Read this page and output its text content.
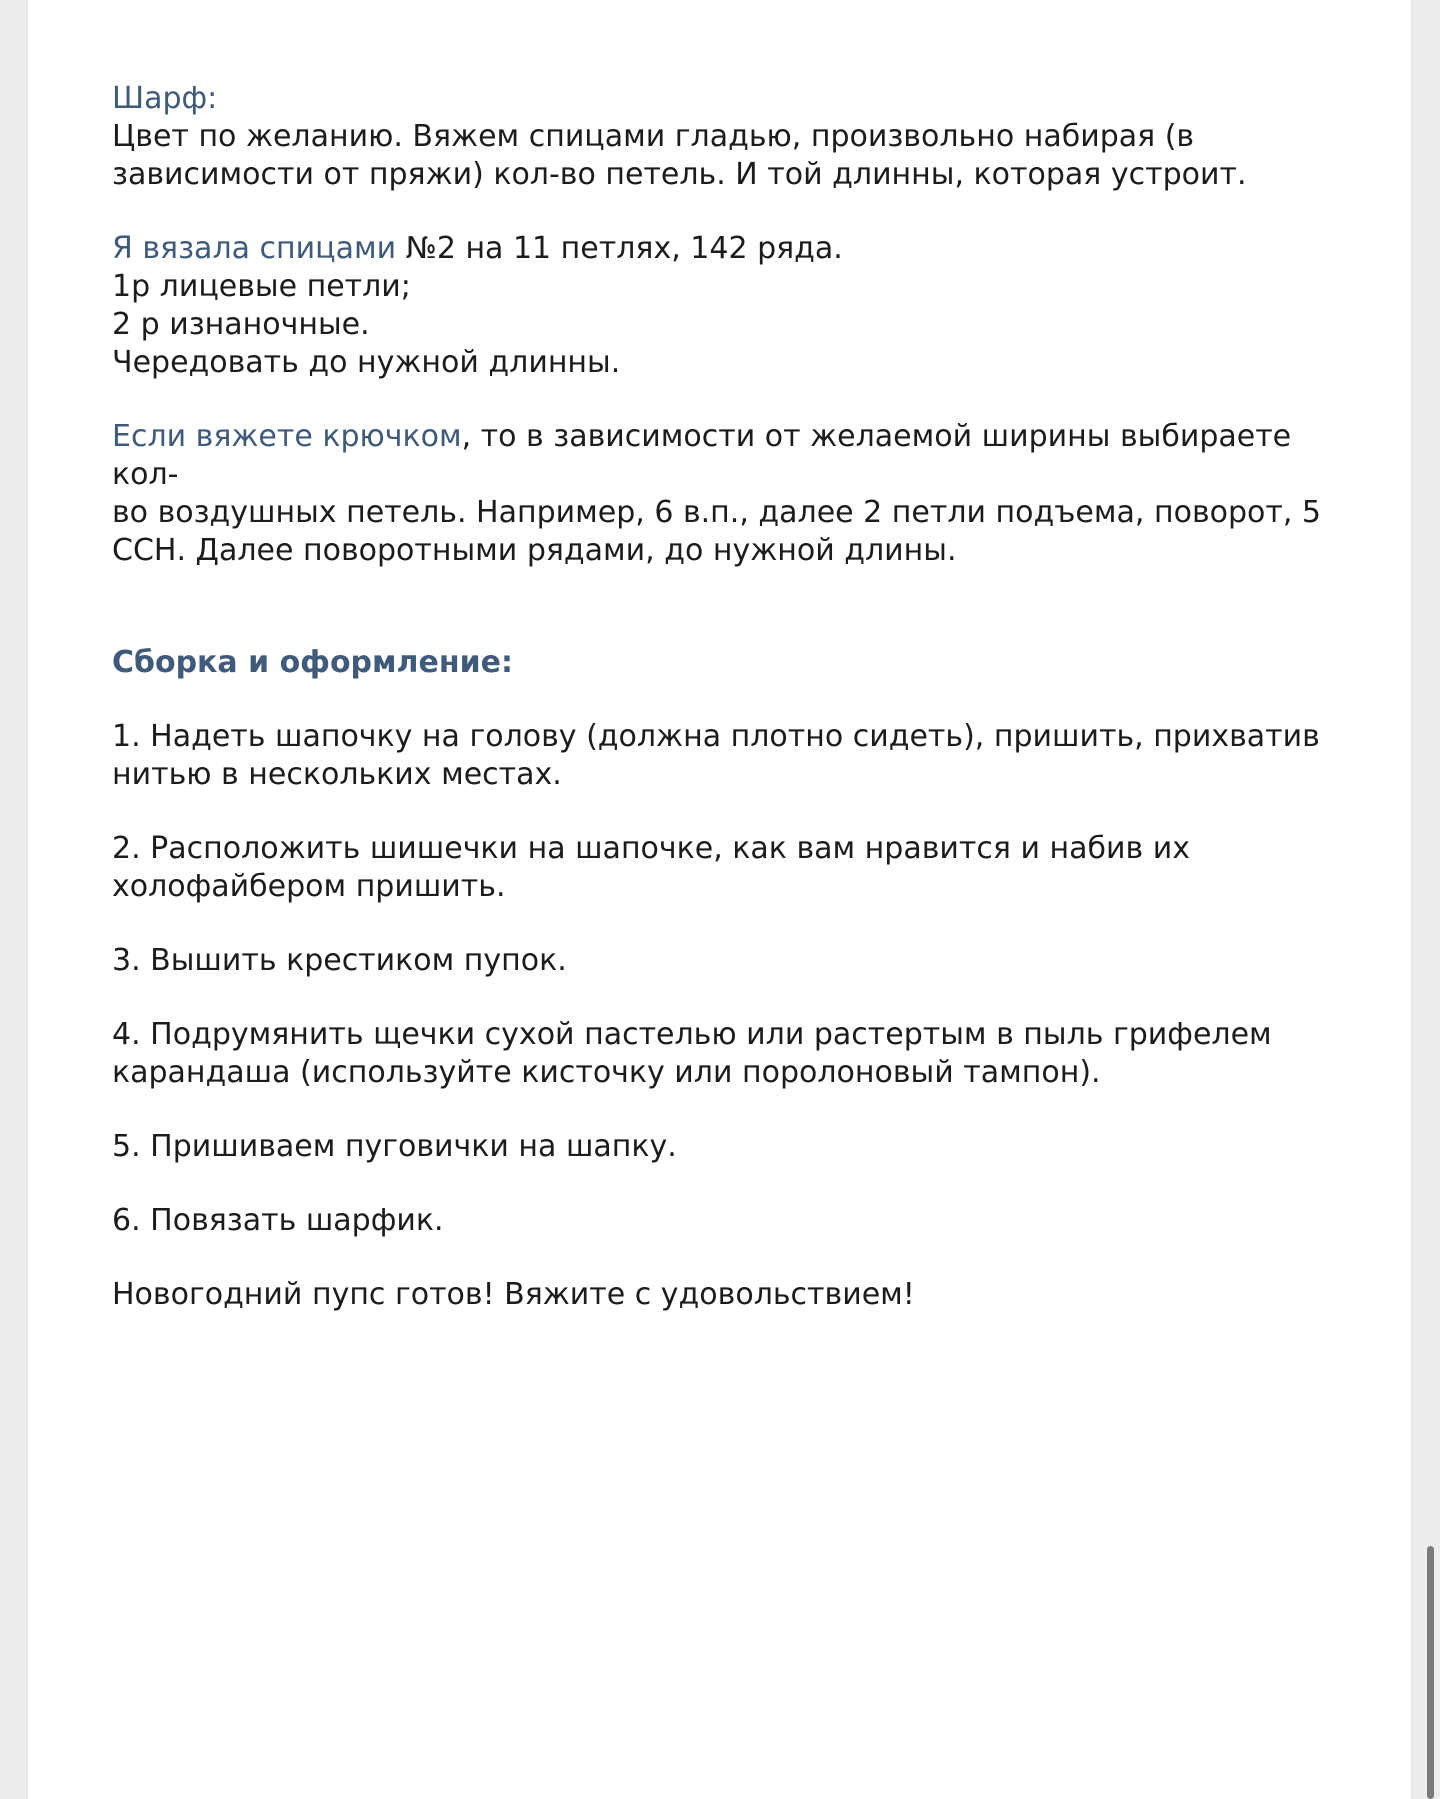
Шарф:

Цвет по желанию. Вяжем спицами гладью, произвольно набирая (в

зависимости от пряжи) кол-во петель. И той длинны, которая устроит.

Я вязала спицами №2 на 11 петлях, 142 ряда.

1р лицевые петли;

2 р изнаночные.

Чередовать до нужной длинны.

Если вяжете крючком, то в зависимости от желаемой ширины выбираете кол-

во воздушных петель. Например, 6 в.п., далее 2 петли подъема, поворот, 5

ССН. Далее поворотными рядами, до нужной длины.

Сборка и оформление:

1. Надеть шапочку на голову (должна плотно сидеть), пришить, прихватив

нитью в нескольких местах.

2. Расположить шишечки на шапочке, как вам нравится и набив их

холофайбером пришить.

3. Вышить крестиком пупок.

4. Подрумянить щечки сухой пастелью или растертым в пыль грифелем

карандаша (используйте кисточку или поролоновый тампон).

5. Пришиваем пуговички на шапку.

6. Повязать шарфик.

Новогодний пупс готов! Вяжите с удовольствием!
